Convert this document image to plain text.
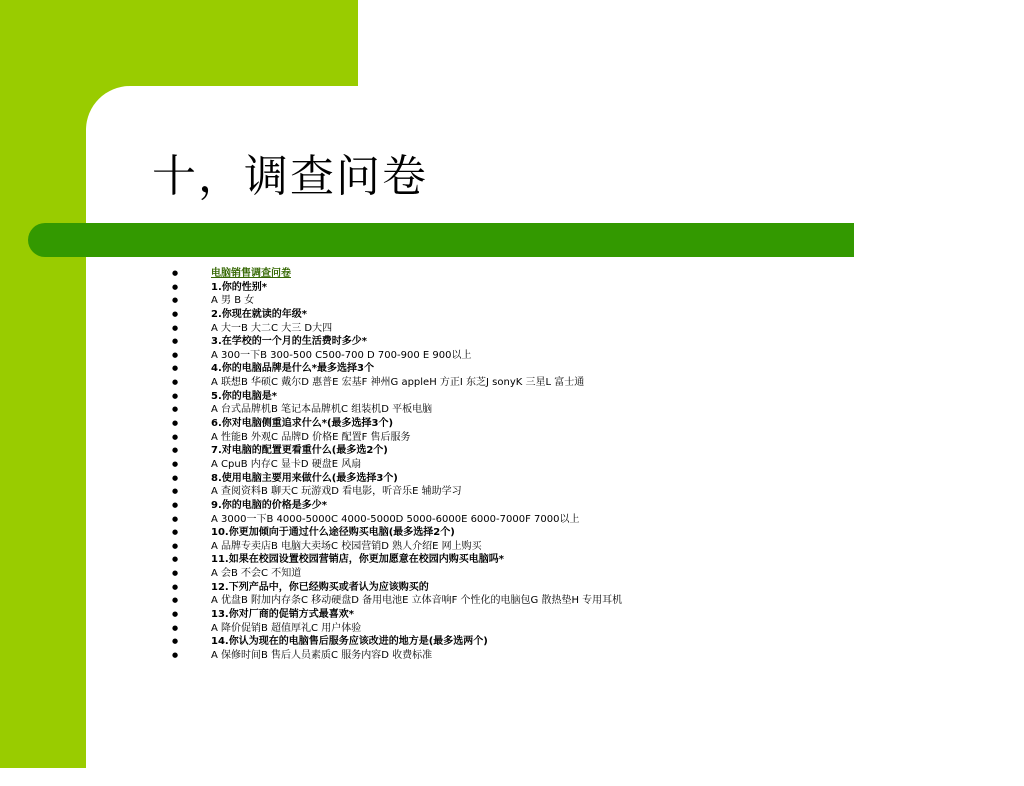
十，调查问卷
●	电脑销售调查问卷
●	1.你的性别*
●	A 男 B 女
●	2.你现在就读的年级*
●	A 大一B 大二C 大三 D大四
●	3.在学校的一个月的生活费时多少*
●	A 300一下B 300-500 C500-700 D 700-900 E 900以上
●	4.你的电脑品牌是什么*最多选择3个
●	A 联想B 华硕C 戴尔D 惠普E 宏基F 神州G appleH 方正I 东芝J sonyK 三星L 富士通
●	5.你的电脑是*
●	A 台式品牌机B 笔记本品牌机C 组装机D 平板电脑
●	6.你对电脑侧重追求什么*(最多选择3个)
●	A 性能B 外观C 品牌D 价格E 配置F 售后服务
●	7.对电脑的配置更看重什么(最多选2个)
●	A CpuB 内存C 显卡D 硬盘E 风扇
●	8.使用电脑主要用来做什么(最多选择3个)
●	A 查阅资料B 聊天C 玩游戏D 看电影，听音乐E 辅助学习
●	9.你的电脑的价格是多少*
●	A 3000一下B 4000-5000C 4000-5000D 5000-6000E 6000-7000F 7000以上
●	10.你更加倾向于通过什么途径购买电脑(最多选择2个)
●	A 品牌专卖店B 电脑大卖场C 校园营销D 熟人介绍E 网上购买
●	11.如果在校园设置校园营销店，你更加愿意在校园内购买电脑吗*
●	A 会B 不会C 不知道
●	12.下列产品中，你已经购买或者认为应该购买的
●	A 优盘B 附加内存条C 移动硬盘D 备用电池E 立体音响F 个性化的电脑包G 散热垫H 专用耳机
●	13.你对厂商的促销方式最喜欢*
●	A 降价促销B 超值厚礼C 用户体验
●	14.你认为现在的电脑售后服务应该改进的地方是(最多选两个)
●	A 保修时间B 售后人员素质C 服务内容D 收费标准
